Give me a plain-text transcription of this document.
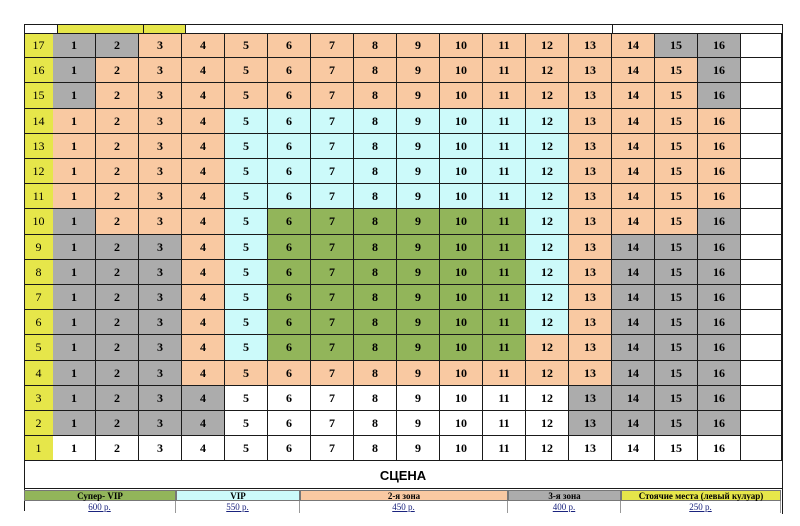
17	1	2	3	4	5	6	7	8	9	10	11	12	13	14	15	16
16	1	2	3	4	5	6	7	8	9	10	11	12	13	14	15	16
15	1	2	3	4	5	6	7	8	9	10	11	12	13	14	15	16
14	1	2	3	4	5	6	7	8	9	10	11	12	13	14	15	16
13	1	2	3	4	5	6	7	8	9	10	11	12	13	14	15	16
12	1	2	3	4	5	6	7	8	9	10	11	12	13	14	15	16
11	1	2	3	4	5	6	7	8	9	10	11	12	13	14	15	16
10	1	2	3	4	5	6	7	8	9	10	11	12	13	14	15	16
9	1	2	3	4	5	6	7	8	9	10	11	12	13	14	15	16
8	1	2	3	4	5	6	7	8	9	10	11	12	13	14	15	16
7	1	2	3	4	5	6	7	8	9	10	11	12	13	14	15	16
6	1	2	3	4	5	6	7	8	9	10	11	12	13	14	15	16
5	1	2	3	4	5	6	7	8	9	10	11	12	13	14	15	16
4	1	2	3	4	5	6	7	8	9	10	11	12	13	14	15	16
3	1	2	3	4	5	6	7	8	9	10	11	12	13	14	15	16
2	1	2	3	4	5	6	7	8	9	10	11	12	13	14	15	16
1	1	2	3	4	5	6	7	8	9	10	11	12	13	14	15	16
СЦЕНА
Супер- VIP	VIP	2-я зона	3-я зона	Стоячие места (левый кулуар)
600 р.	550 р.	450 р.	400 р.	250 р.
